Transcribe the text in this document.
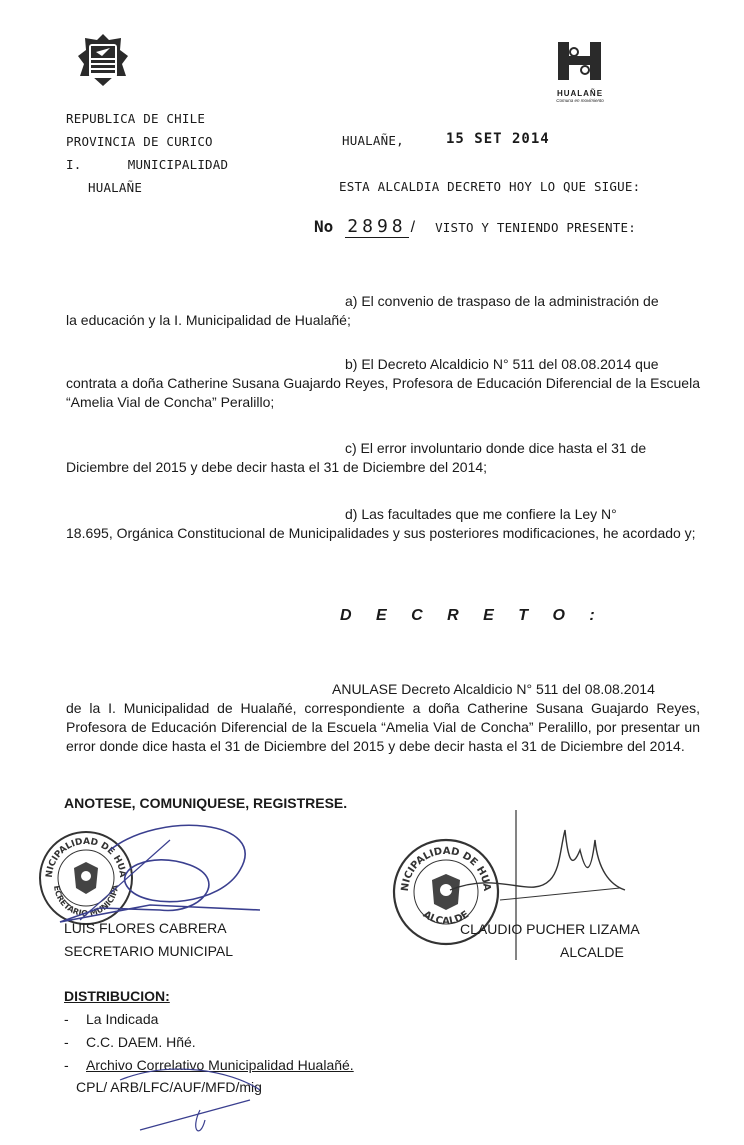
HUALAÑE
Comuna en movimiento
REPUBLICA DE CHILE
PROVINCIA DE CURICO
I.      MUNICIPALIDAD
HUALAÑE
HUALAÑE,	15 SET 2014
ESTA ALCALDIA DECRETO HOY LO QUE SIGUE:
No 2898 / VISTO Y TENIENDO PRESENTE:
a) El convenio de traspaso de la administración de
la educación y la I. Municipalidad de Hualañé;
b) El Decreto Alcaldicio N° 511 del 08.08.2014 que
contrata a doña Catherine Susana Guajardo Reyes, Profesora de Educación Diferencial de la Escuela “Amelia Vial de Concha” Peralillo;
c) El error involuntario donde dice hasta el 31 de
Diciembre del 2015 y debe decir hasta el 31 de Diciembre del 2014;
d) Las facultades que me confiere la Ley N°
18.695, Orgánica Constitucional de Municipalidades y sus posteriores modificaciones, he acordado y;
D E C R E T O :
ANULASE Decreto Alcaldicio N° 511 del 08.08.2014
de la I. Municipalidad de Hualañé, correspondiente a doña Catherine Susana Guajardo Reyes, Profesora de Educación Diferencial de la Escuela “Amelia Vial de Concha” Peralillo, por presentar un error donde dice hasta el 31 de Diciembre del 2015 y debe decir hasta el 31 de Diciembre del 2014.
ANOTESE, COMUNIQUESE, REGISTRESE.
NICIPALIDAD DE HUA
ECRETARIO MUNICIPA	NICIPALIDAD DE HUA
ALCALDE
LUIS FLORES CABRERA
SECRETARIO MUNICIPAL
CLAUDIO PUCHER LIZAMA
ALCALDE
DISTRIBUCION:
- La Indicada
- C.C. DAEM. Hñé.
- Archivo Correlativo Municipalidad Hualañé.
CPL/ ARB/LFC/AUF/MFD/mig
